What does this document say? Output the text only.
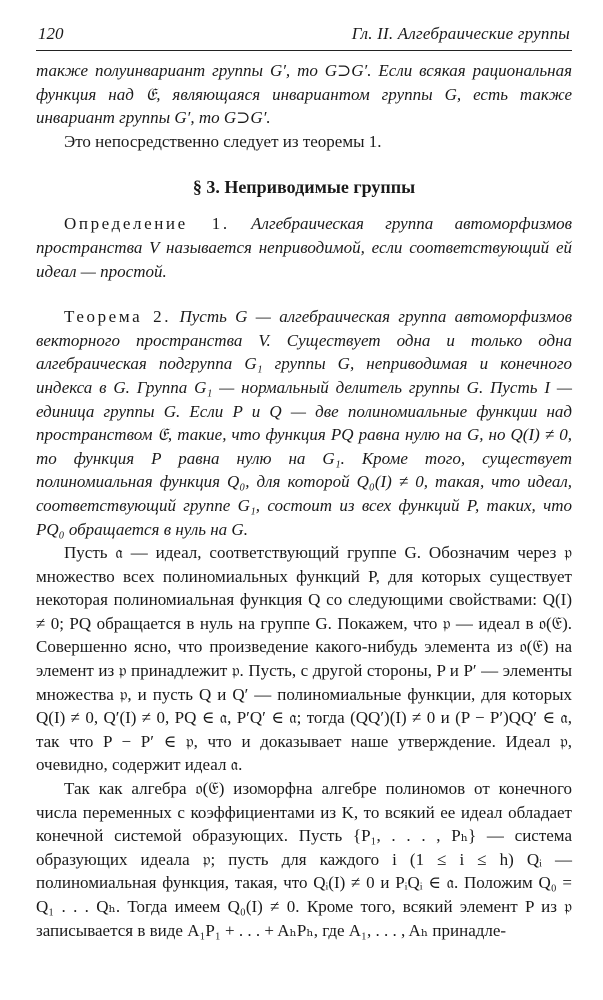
120	Гл. II. Алгебраические группы

также полуинвариант группы G′, то G⊃G′. Если всякая рациональная функция над 𝔈, являющаяся инвариантом группы G, есть также инвариант группы G′, то G⊃G′.

Это непосредственно следует из теоремы 1.

§ 3. Неприводимые группы

Определение 1. Алгебраическая группа автоморфизмов пространства V называется неприводимой, если соответствующий ей идеал — простой.

Теорема 2. Пусть G — алгебраическая группа автоморфизмов векторного пространства V. Существует одна и только одна алгебраическая подгруппа G₁ группы G, неприводимая и конечного индекса в G. Группа G₁ — нормальный делитель группы G. Пусть I — единица группы G. Если P и Q — две полиномиальные функции над пространством 𝔈, такие, что функция PQ равна нулю на G, но Q(I) ≠ 0, то функция P равна нулю на G₁. Кроме того, существует полиномиальная функция Q₀, для которой Q₀(I) ≠ 0, такая, что идеал, соответствующий группе G₁, состоит из всех функций P, таких, что PQ₀ обращается в нуль на G.

Пусть 𝔞 — идеал, соответствующий группе G. Обозначим через 𝔭 множество всех полиномиальных функций P, для которых существует некоторая полиномиальная функция Q со следующими свойствами: Q(I) ≠ 0; PQ обращается в нуль на группе G. Покажем, что 𝔭 — идеал в 𝔬(𝔈). Совершенно ясно, что произведение какого-нибудь элемента из 𝔬(𝔈) на элемент из 𝔭 принадлежит 𝔭. Пусть, с другой стороны, P и P′ — элементы множества 𝔭, и пусть Q и Q′ — полиномиальные функции, для которых Q(I) ≠ 0, Q′(I) ≠ 0, PQ ∈ 𝔞, P′Q′ ∈ 𝔞; тогда (QQ′)(I) ≠ 0 и (P − P′)QQ′ ∈ 𝔞, так что P − P′ ∈ 𝔭, что и доказывает наше утверждение. Идеал 𝔭, очевидно, содержит идеал 𝔞.

Так как алгебра 𝔬(𝔈) изоморфна алгебре полиномов от конечного числа переменных с коэффициентами из K, то всякий ее идеал обладает конечной системой образующих. Пусть {P₁, . . . , Pₕ} — система образующих идеала 𝔭; пусть для каждого i (1 ≤ i ≤ h) Qᵢ — полиномиальная функция, такая, что Qᵢ(I) ≠ 0 и PᵢQᵢ ∈ 𝔞. Положим Q₀ = Q₁ . . . Qₕ. Тогда имеем Q₀(I) ≠ 0. Кроме того, всякий элемент P из 𝔭 записывается в виде A₁P₁ + . . . + AₕPₕ, где A₁, . . . , Aₕ принадле-
